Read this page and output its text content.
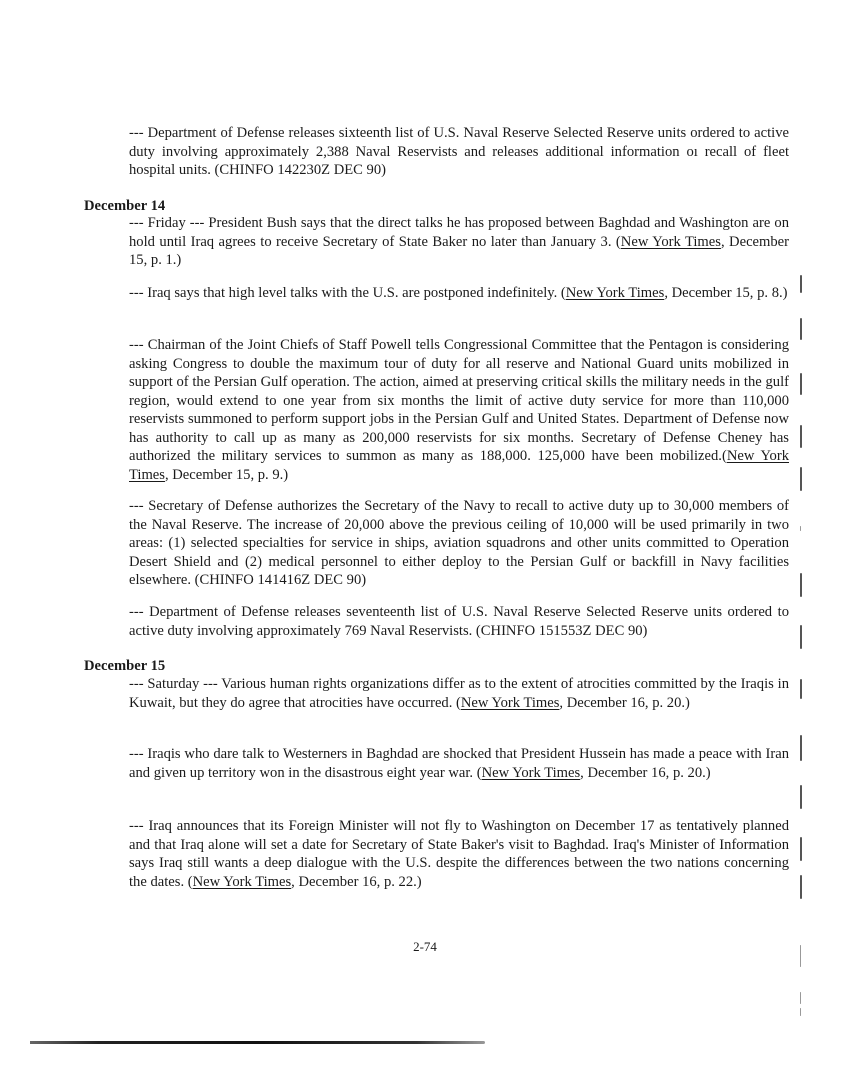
--- Department of Defense releases sixteenth list of U.S. Naval Reserve Selected Reserve units ordered to active duty involving approximately 2,388 Naval Reservists and releases additional information oı recall of fleet hospital units. (CHINFO 142230Z DEC 90)

December 14

--- Friday --- President Bush says that the direct talks he has proposed between Baghdad and Washington are on hold until Iraq agrees to receive Secretary of State Baker no later than January 3. (New York Times, December 15, p. 1.)

--- Iraq says that high level talks with the U.S. are postponed indefinitely. (New York Times, December 15, p. 8.)

--- Chairman of the Joint Chiefs of Staff Powell tells Congressional Committee that the Pentagon is considering asking Congress to double the maximum tour of duty for all reserve and National Guard units mobilized in support of the Persian Gulf operation. The action, aimed at preserving critical skills the military needs in the gulf region, would extend to one year from six months the limit of active duty service for more than 110,000 reservists summoned to perform support jobs in the Persian Gulf and United States. Department of Defense now has authority to call up as many as 200,000 reservists for six months. Secretary of Defense Cheney has authorized the military services to summon as many as 188,000. 125,000 have been mobilized.(New York Times, December 15, p. 9.)

--- Secretary of Defense authorizes the Secretary of the Navy to recall to active duty up to 30,000 members of the Naval Reserve. The increase of 20,000 above the previous ceiling of 10,000 will be used primarily in two areas: (1) selected specialties for service in ships, aviation squadrons and other units committed to Operation Desert Shield and (2) medical personnel to either deploy to the Persian Gulf or backfill in Navy facilities elsewhere. (CHINFO 141416Z DEC 90)

--- Department of Defense releases seventeenth list of U.S. Naval Reserve Selected Reserve units ordered to active duty involving approximately 769 Naval Reservists. (CHINFO 151553Z DEC 90)

December 15

--- Saturday --- Various human rights organizations differ as to the extent of atrocities committed by the Iraqis in Kuwait, but they do agree that atrocities have occurred. (New York Times, December 16, p. 20.)

--- Iraqis who dare talk to Westerners in Baghdad are shocked that President Hussein has made a peace with Iran and given up territory won in the disastrous eight year war. (New York Times, December 16, p. 20.)

--- Iraq announces that its Foreign Minister will not fly to Washington on December 17 as tentatively planned and that Iraq alone will set a date for Secretary of State Baker's visit to Baghdad. Iraq's Minister of Information says Iraq still wants a deep dialogue with the U.S. despite the differences between the two nations concerning the dates. (New York Times, December 16, p. 22.)

2-74
